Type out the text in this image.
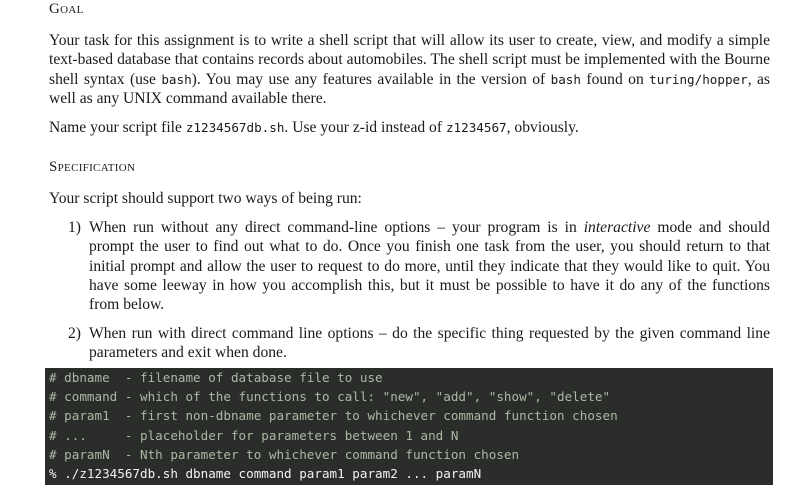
Goal

Your task for this assignment is to write a shell script that will allow its user to create, view, and modify a simple text-based database that contains records about automobiles. The shell script must be implemented with the Bourne shell syntax (use bash). You may use any features available in the version of bash found on turing/hopper, as well as any UNIX command available there.

Name your script file z1234567db.sh. Use your z-id instead of z1234567, obviously.

Specification

Your script should support two ways of being run:

1) When run without any direct command-line options – your program is in interactive mode and should prompt the user to find out what to do. Once you finish one task from the user, you should return to that initial prompt and allow the user to request to do more, until they indicate that they would like to quit. You have some leeway in how you accomplish this, but it must be possible to have it do any of the functions from below.
2) When run with direct command line options – do the specific thing requested by the given command line parameters and exit when done.
# dbname  - filename of database file to use
# command - which of the functions to call: "new", "add", "show", "delete"
# param1  - first non-dbname parameter to whichever command function chosen
# ...     - placeholder for parameters between 1 and N
# paramN  - Nth parameter to whichever command function chosen
% ./z1234567db.sh dbname command param1 param2 ... paramN
